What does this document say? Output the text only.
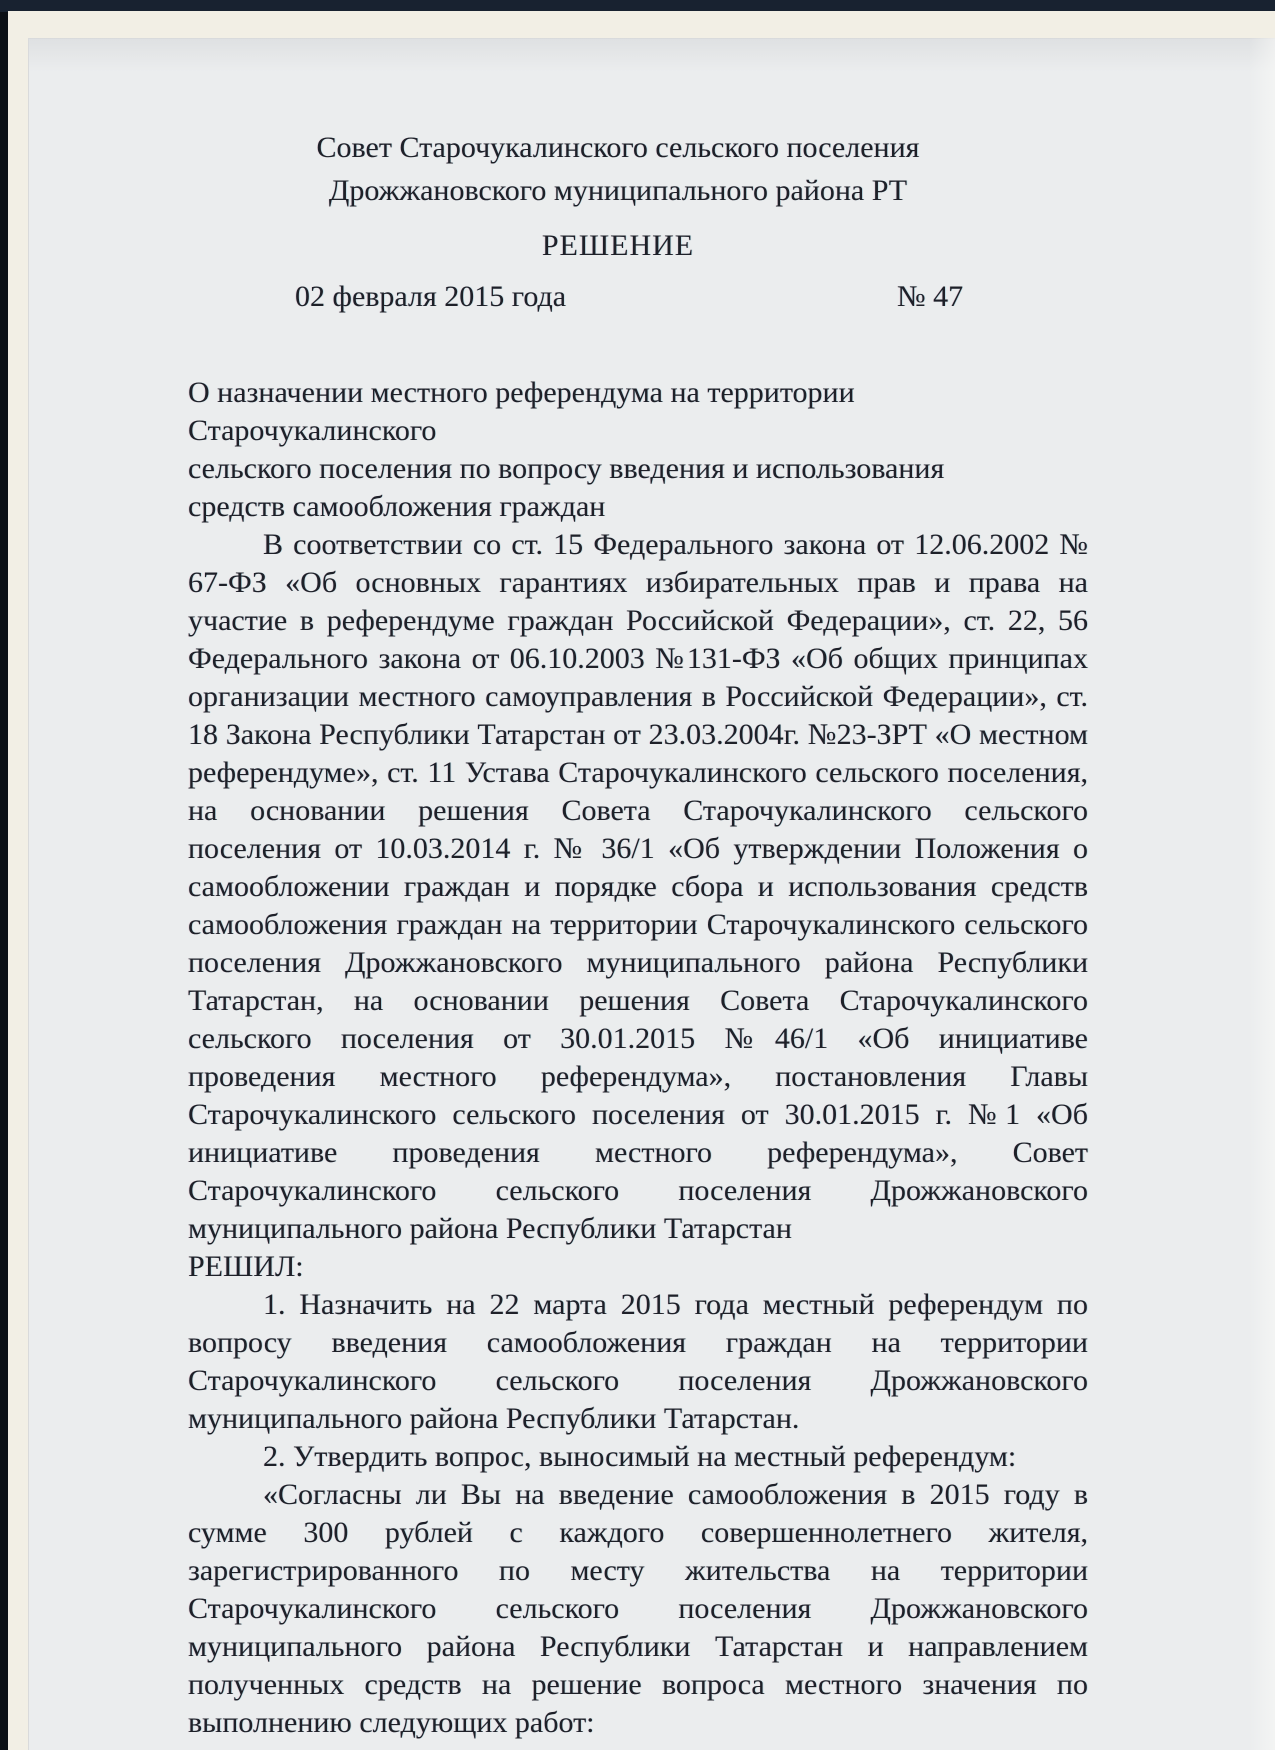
Совет Старочукалинского сельского поселения
Дрожжановского муниципального района РТ
РЕШЕНИЕ
02 февраля 2015 года	№ 47
О назначении местного референдума на территории Старочукалинского
сельского поселения по вопросу введения и использования
средств самообложения граждан

В соответствии со ст. 15 Федерального закона от 12.06.2002 № 67-ФЗ «Об основных гарантиях избирательных прав и права на участие в референдуме граждан Российской Федерации», ст. 22, 56 Федерального закона от 06.10.2003 №131-ФЗ «Об общих принципах организации местного самоуправления в Российской Федерации», ст. 18 Закона Республики Татарстан от 23.03.2004г. №23-ЗРТ «О местном референдуме», ст. 11 Устава Старочукалинского сельского поселения, на основании решения Совета Старочукалинского сельского поселения от 10.03.2014 г. № 36/1 «Об утверждении Положения о самообложении граждан и порядке сбора и использования средств самообложения граждан на территории Старочукалинского сельского поселения Дрожжановского муниципального района Республики Татарстан, на основании решения Совета Старочукалинского сельского поселения от 30.01.2015 №46/1 «Об инициативе проведения местного референдума», постановления Главы Старочукалинского сельского поселения от 30.01.2015 г. №1 «Об инициативе проведения местного референдума», Совет Старочукалинского сельского поселения Дрожжановского муниципального района Республики Татарстан

РЕШИЛ:

1. Назначить на 22 марта 2015 года местный референдум по вопросу введения самообложения граждан на территории Старочукалинского сельского поселения Дрожжановского муниципального района Республики Татарстан.

2. Утвердить вопрос, выносимый на местный референдум:

«Согласны ли Вы на введение самообложения в 2015 году в сумме 300 рублей с каждого совершеннолетнего жителя, зарегистрированного по месту жительства на территории Старочукалинского сельского поселения Дрожжановского муниципального района Республики Татарстан и направлением полученных средств на решение вопроса местного значения по выполнению следующих работ:
